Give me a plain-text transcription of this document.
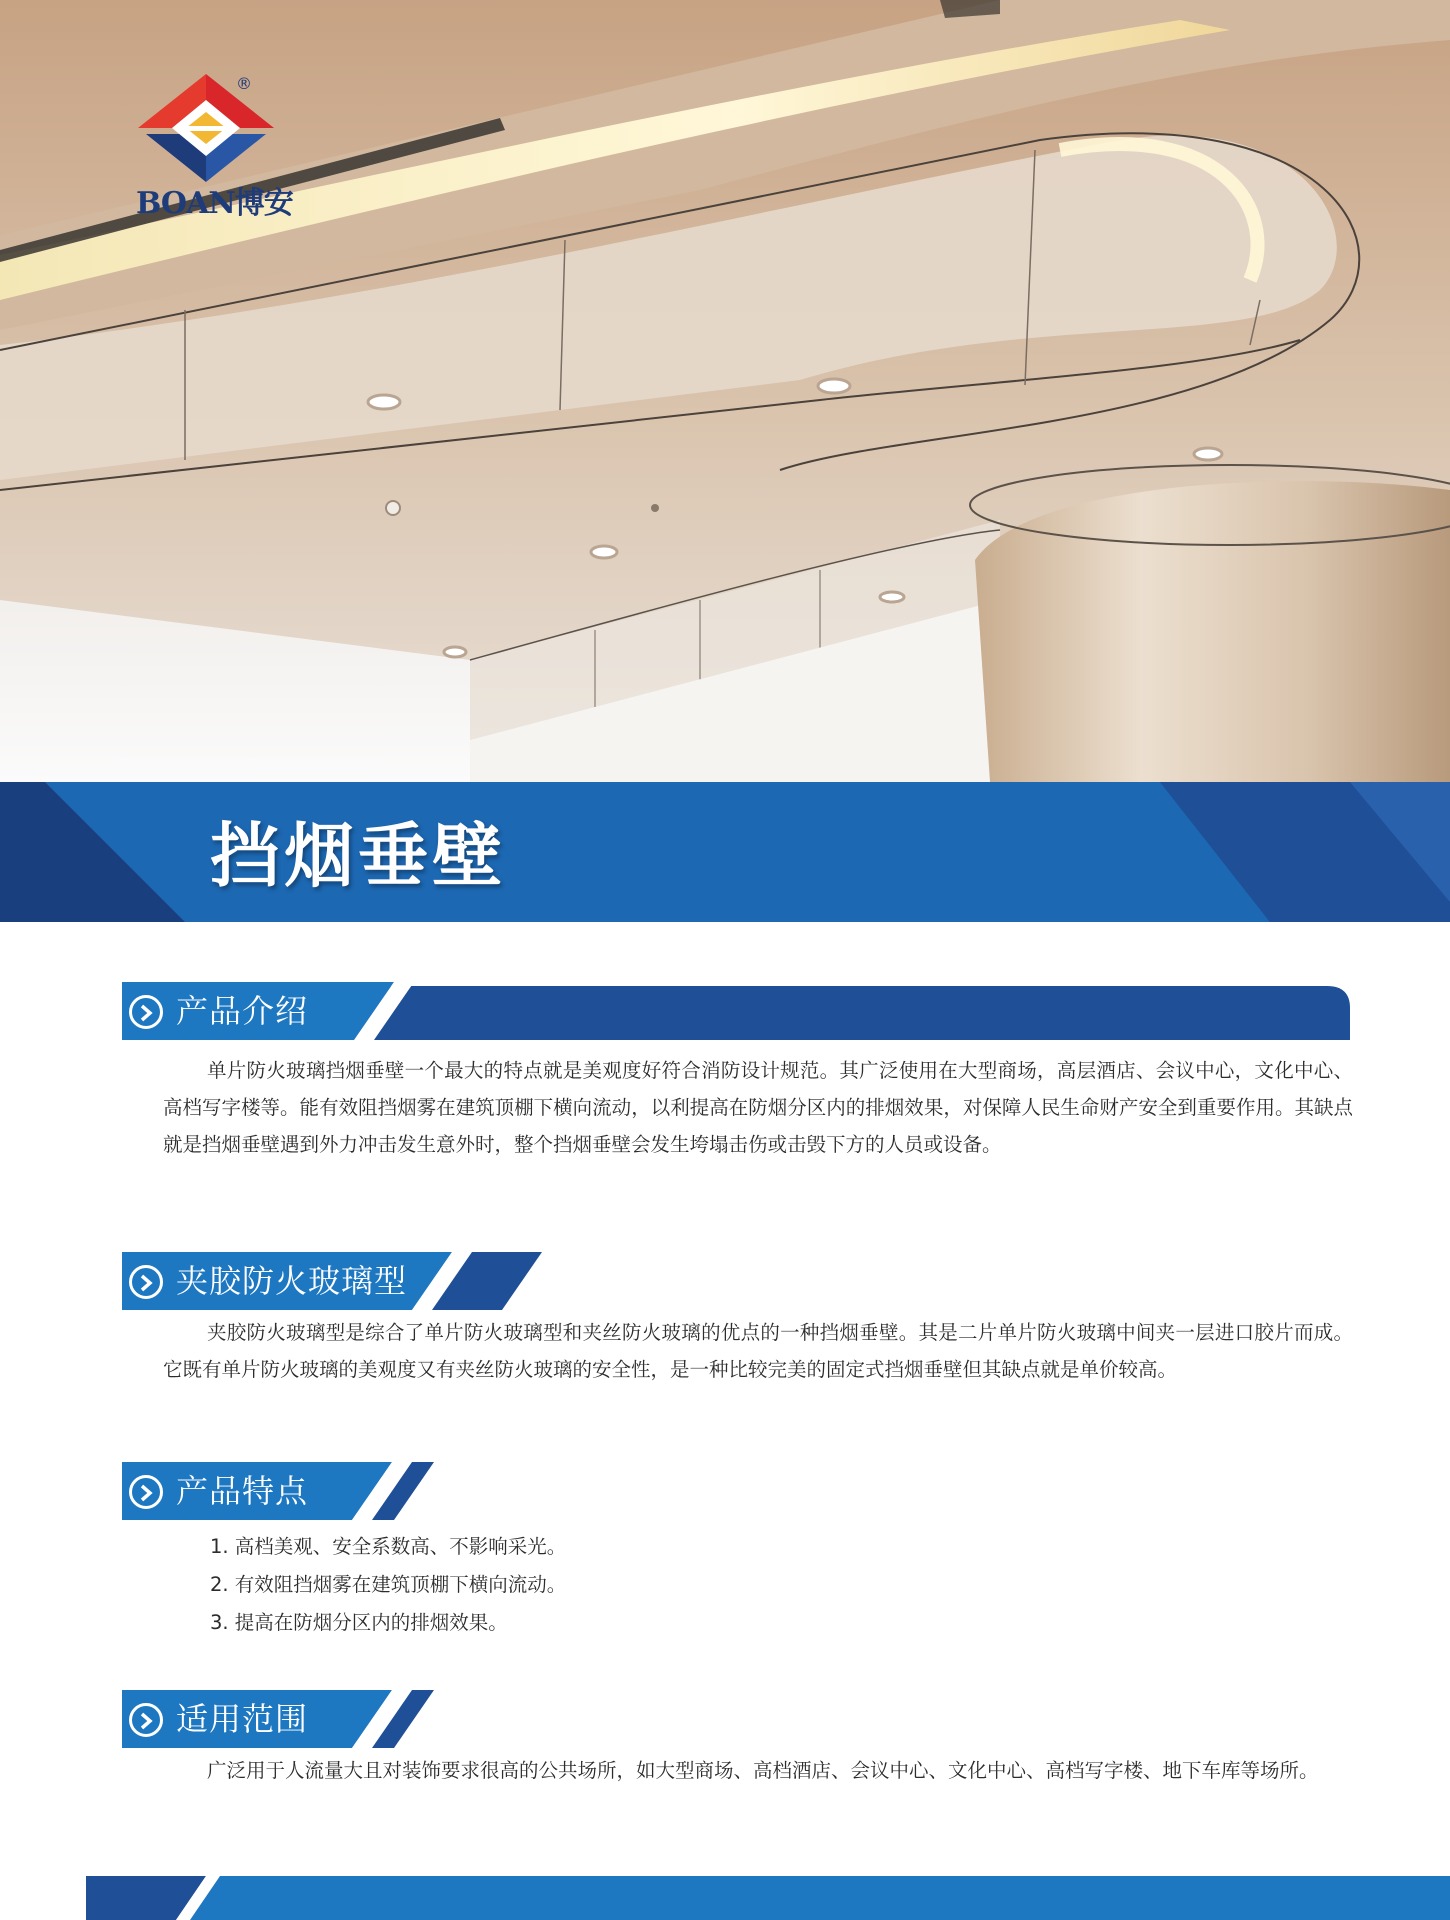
®
BOAN博安
挡烟垂壁
产品介绍

单片防火玻璃挡烟垂壁一个最大的特点就是美观度好符合消防设计规范。其广泛使用在大型商场，高层酒店、会议中心，文化中心、高档写字楼等。能有效阻挡烟雾在建筑顶棚下横向流动，以利提高在防烟分区内的排烟效果，对保障人民生命财产安全到重要作用。其缺点就是挡烟垂壁遇到外力冲击发生意外时，整个挡烟垂壁会发生垮塌击伤或击毁下方的人员或设备。

夹胶防火玻璃型

夹胶防火玻璃型是综合了单片防火玻璃型和夹丝防火玻璃的优点的一种挡烟垂壁。其是二片单片防火玻璃中间夹一层进口胶片而成。它既有单片防火玻璃的美观度又有夹丝防火玻璃的安全性，是一种比较完美的固定式挡烟垂壁但其缺点就是单价较高。

产品特点
1. 高档美观、安全系数高、不影响采光。
2. 有效阻挡烟雾在建筑顶棚下横向流动。
3. 提高在防烟分区内的排烟效果。
适用范围

广泛用于人流量大且对装饰要求很高的公共场所，如大型商场、高档酒店、会议中心、文化中心、高档写字楼、地下车库等场所。
